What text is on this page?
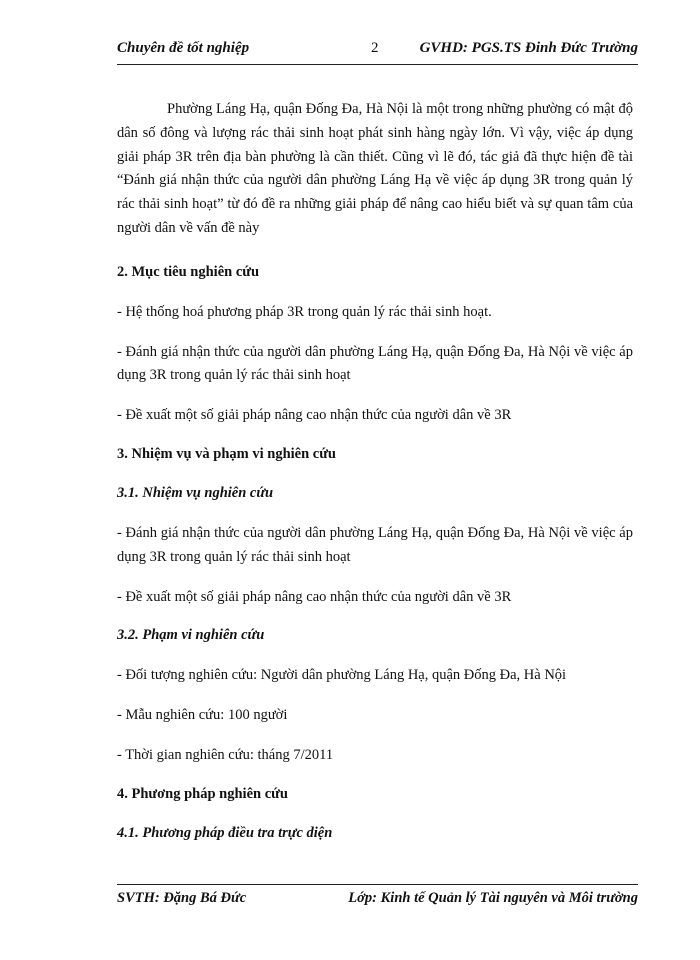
Chuyên đề tốt nghiệp	2	GVHD: PGS.TS Đinh Đức Trường

Phường Láng Hạ, quận Đống Đa, Hà Nội là một trong những phường có mật độ dân số đông và lượng rác thải sinh hoạt phát sinh hàng ngày lớn. Vì vậy, việc áp dụng giải pháp 3R trên địa bàn phường là cần thiết. Cũng vì lẽ đó, tác giả đã thực hiện đề tài “Đánh giá nhận thức của người dân phường Láng Hạ về việc áp dụng 3R trong quản lý rác thải sinh hoạt” từ đó đề ra những giải pháp để nâng cao hiểu biết và sự quan tâm của người dân về vấn đề này

2. Mục tiêu nghiên cứu

- Hệ thống hoá phương pháp 3R trong quản lý rác thải sinh hoạt.

- Đánh giá nhận thức của người dân phường Láng Hạ, quận Đống Đa, Hà Nội về việc áp dụng 3R trong quản lý rác thải sinh hoạt

- Đề xuất một số giải pháp nâng cao nhận thức của người dân về 3R

3. Nhiệm vụ và phạm vi nghiên cứu
3.1. Nhiệm vụ nghiên cứu

- Đánh giá nhận thức của người dân phường Láng Hạ, quận Đống Đa, Hà Nội về việc áp dụng 3R trong quản lý rác thải sinh hoạt

- Đề xuất một số giải pháp nâng cao nhận thức của người dân về 3R

3.2. Phạm vi nghiên cứu

- Đối tượng nghiên cứu: Người dân phường Láng Hạ, quận Đống Đa, Hà Nội

- Mẫu nghiên cứu: 100 người

- Thời gian nghiên cứu: tháng 7/2011

4. Phương pháp nghiên cứu
4.1. Phương pháp điều tra trực diện
SVTH: Đặng Bá Đức	Lớp: Kinh tế Quản lý Tài nguyên và Môi trường
